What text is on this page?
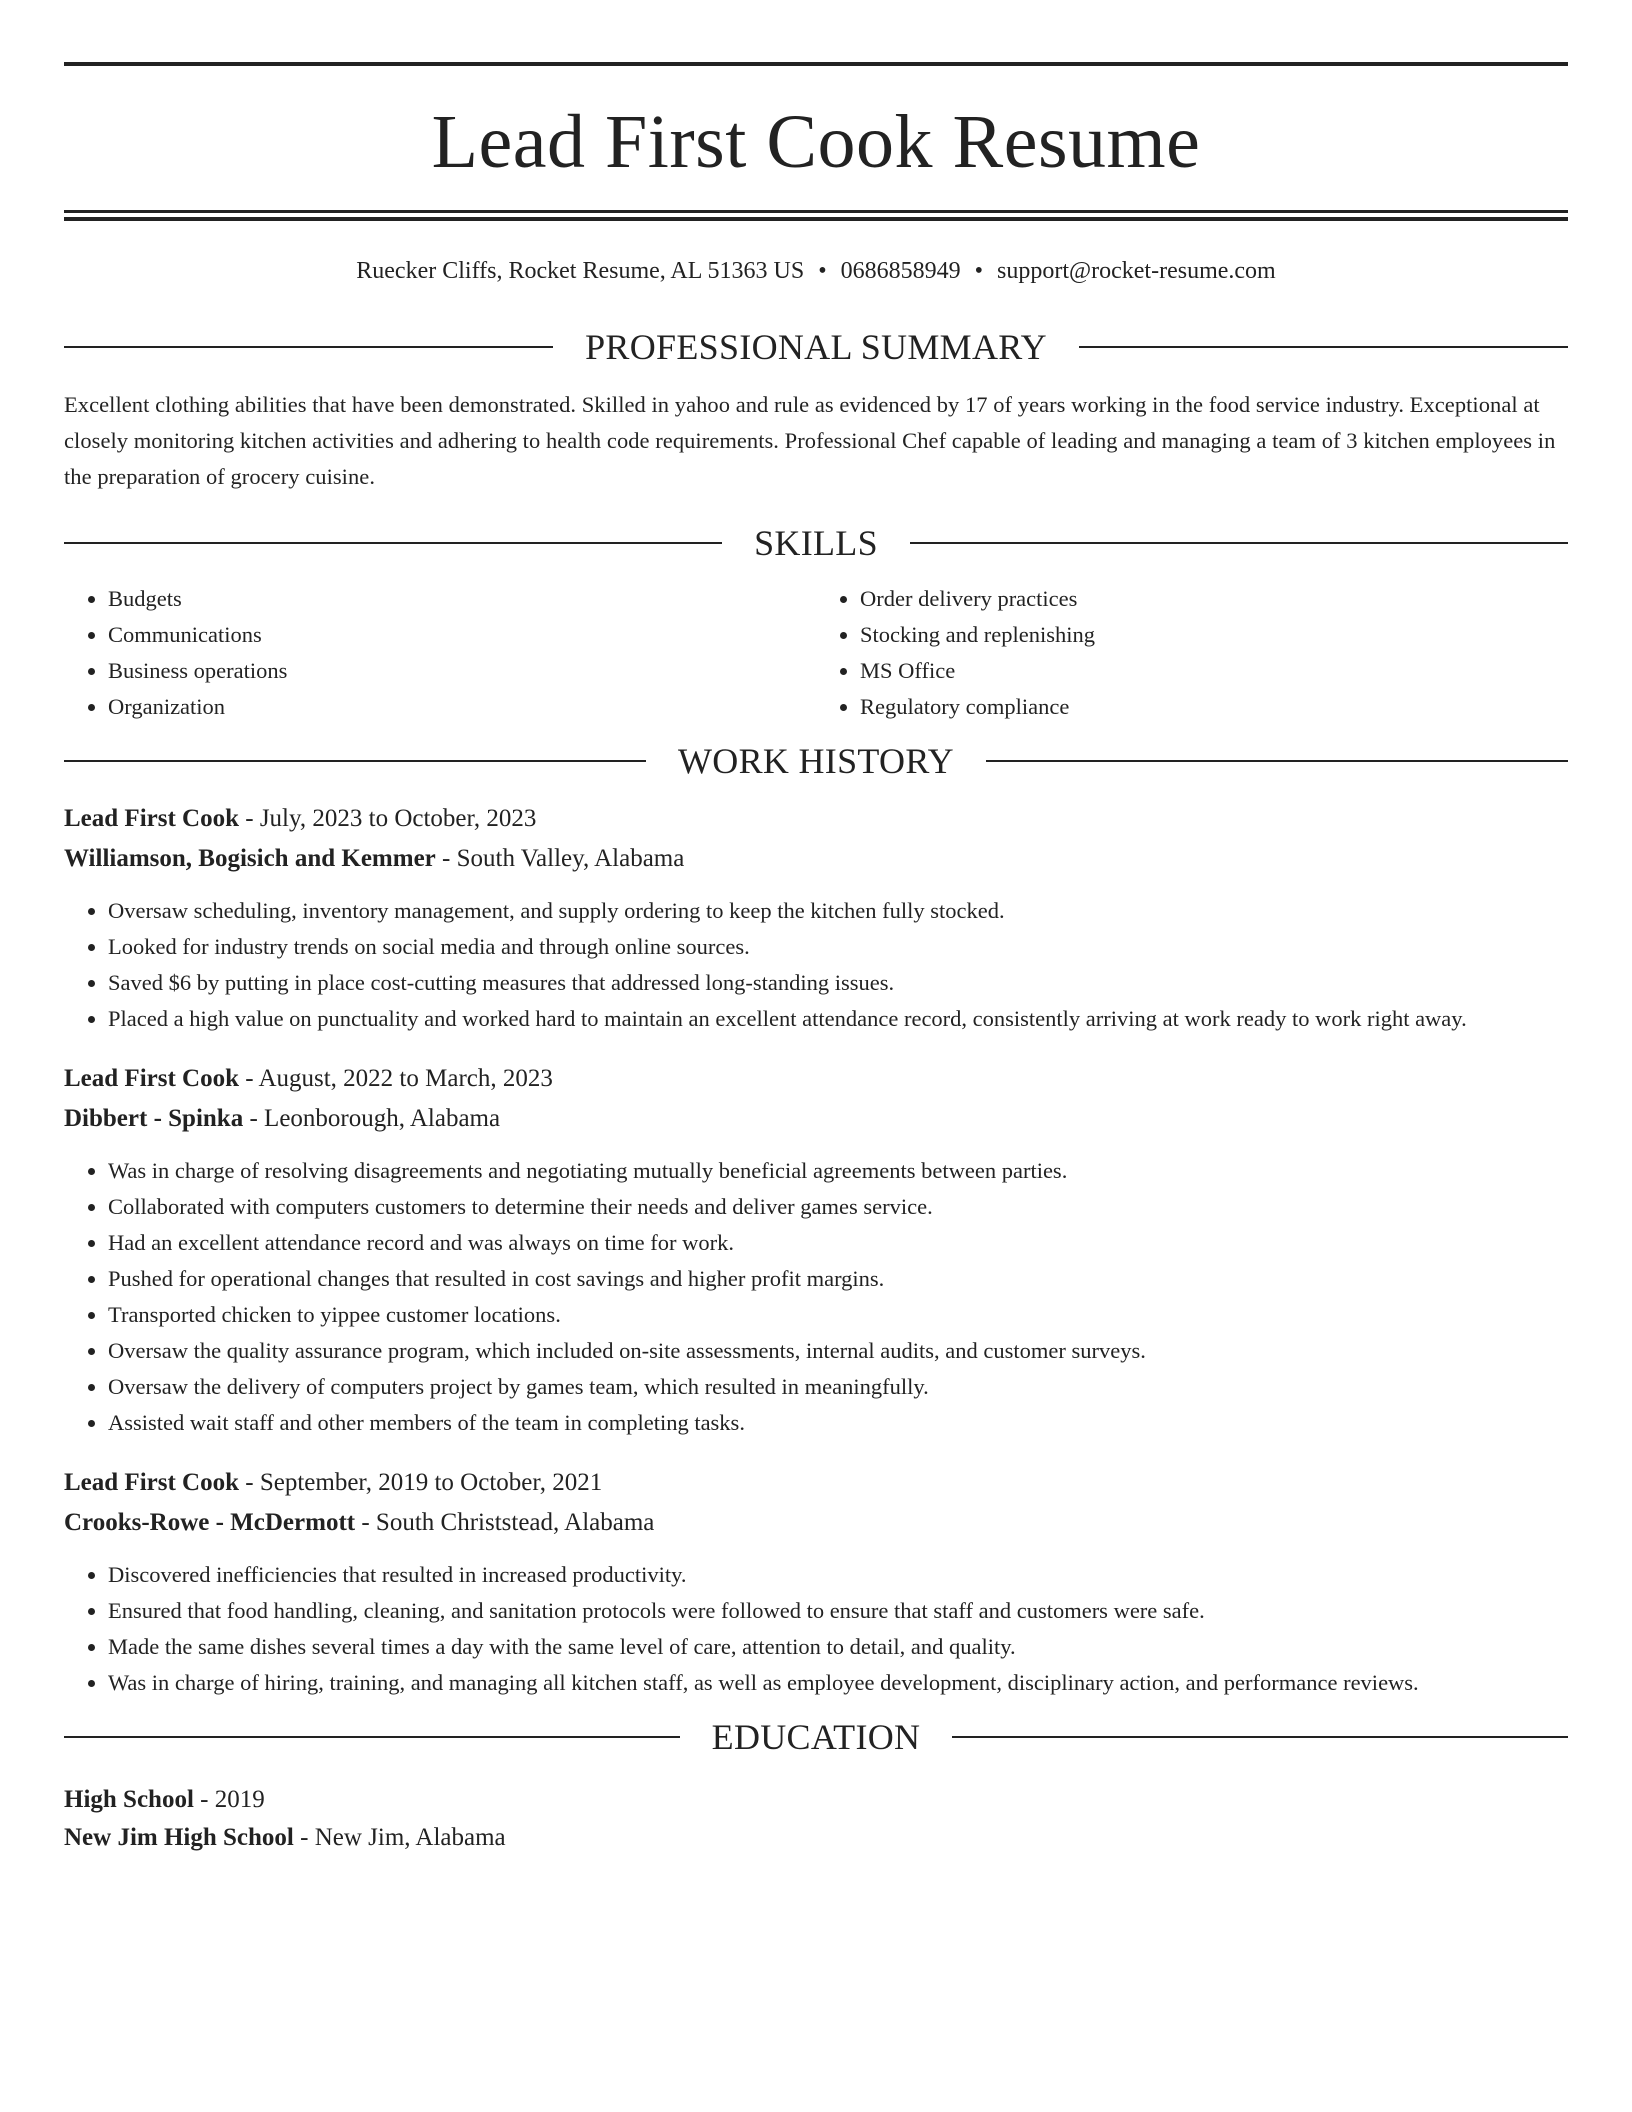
Lead First Cook Resume
Ruecker Cliffs, Rocket Resume, AL 51363 US • 0686858949 • support@rocket-resume.com
PROFESSIONAL SUMMARY
Excellent clothing abilities that have been demonstrated. Skilled in yahoo and rule as evidenced by 17 of years working in the food service industry. Exceptional at closely monitoring kitchen activities and adhering to health code requirements. Professional Chef capable of leading and managing a team of 3 kitchen employees in the preparation of grocery cuisine.
SKILLS
• Budgets
• Communications
• Business operations
• Organization
• Order delivery practices
• Stocking and replenishing
• MS Office
• Regulatory compliance
WORK HISTORY
Lead First Cook - July, 2023 to October, 2023
Williamson, Bogisich and Kemmer - South Valley, Alabama
• Oversaw scheduling, inventory management, and supply ordering to keep the kitchen fully stocked.
• Looked for industry trends on social media and through online sources.
• Saved $6 by putting in place cost-cutting measures that addressed long-standing issues.
• Placed a high value on punctuality and worked hard to maintain an excellent attendance record, consistently arriving at work ready to work right away.
Lead First Cook - August, 2022 to March, 2023
Dibbert - Spinka - Leonborough, Alabama
• Was in charge of resolving disagreements and negotiating mutually beneficial agreements between parties.
• Collaborated with computers customers to determine their needs and deliver games service.
• Had an excellent attendance record and was always on time for work.
• Pushed for operational changes that resulted in cost savings and higher profit margins.
• Transported chicken to yippee customer locations.
• Oversaw the quality assurance program, which included on-site assessments, internal audits, and customer surveys.
• Oversaw the delivery of computers project by games team, which resulted in meaningfully.
• Assisted wait staff and other members of the team in completing tasks.
Lead First Cook - September, 2019 to October, 2021
Crooks-Rowe - McDermott - South Christstead, Alabama
• Discovered inefficiencies that resulted in increased productivity.
• Ensured that food handling, cleaning, and sanitation protocols were followed to ensure that staff and customers were safe.
• Made the same dishes several times a day with the same level of care, attention to detail, and quality.
• Was in charge of hiring, training, and managing all kitchen staff, as well as employee development, disciplinary action, and performance reviews.
EDUCATION
High School - 2019
New Jim High School - New Jim, Alabama
